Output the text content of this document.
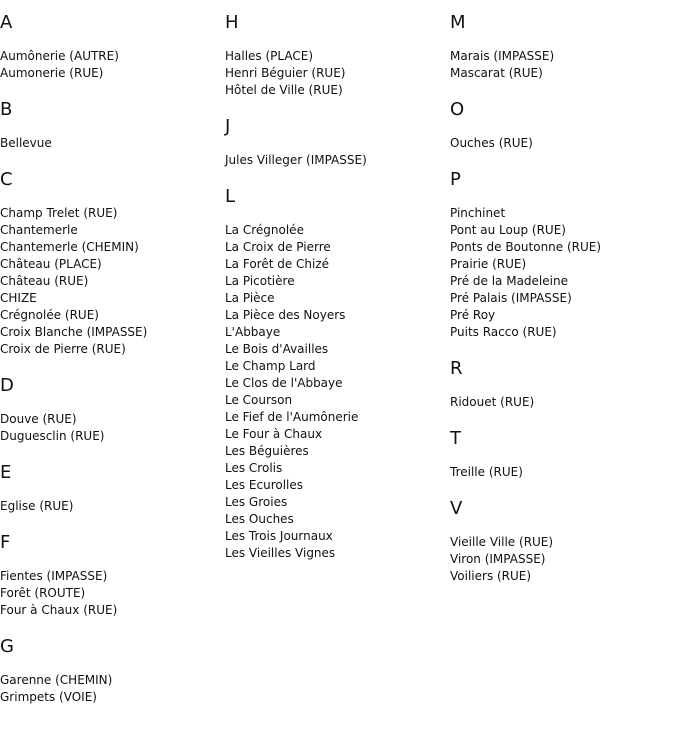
A
Aumônerie (AUTRE)
Aumonerie (RUE)
B
Bellevue
C
Champ Trelet (RUE)
Chantemerle
Chantemerle (CHEMIN)
Château (PLACE)
Château (RUE)
CHIZE
Crégnolée (RUE)
Croix Blanche (IMPASSE)
Croix de Pierre (RUE)
D
Douve (RUE)
Duguesclin (RUE)
E
Eglise (RUE)
F
Fientes (IMPASSE)
Forêt (ROUTE)
Four à Chaux (RUE)
G
Garenne (CHEMIN)
Grimpets (VOIE)
H
Halles (PLACE)
Henri Béguier (RUE)
Hôtel de Ville (RUE)
J
Jules Villeger (IMPASSE)
L
La Crégnolée
La Croix de Pierre
La Forêt de Chizé
La Picotière
La Pièce
La Pièce des Noyers
L'Abbaye
Le Bois d'Availles
Le Champ Lard
Le Clos de l'Abbaye
Le Courson
Le Fief de l'Aumônerie
Le Four à Chaux
Les Béguières
Les Crolis
Les Ecurolles
Les Groies
Les Ouches
Les Trois Journaux
Les Vieilles Vignes
M
Marais (IMPASSE)
Mascarat (RUE)
O
Ouches (RUE)
P
Pinchinet
Pont au Loup (RUE)
Ponts de Boutonne (RUE)
Prairie (RUE)
Pré de la Madeleine
Pré Palais (IMPASSE)
Pré Roy
Puits Racco (RUE)
R
Ridouet (RUE)
T
Treille (RUE)
V
Vieille Ville (RUE)
Viron (IMPASSE)
Voiliers (RUE)
